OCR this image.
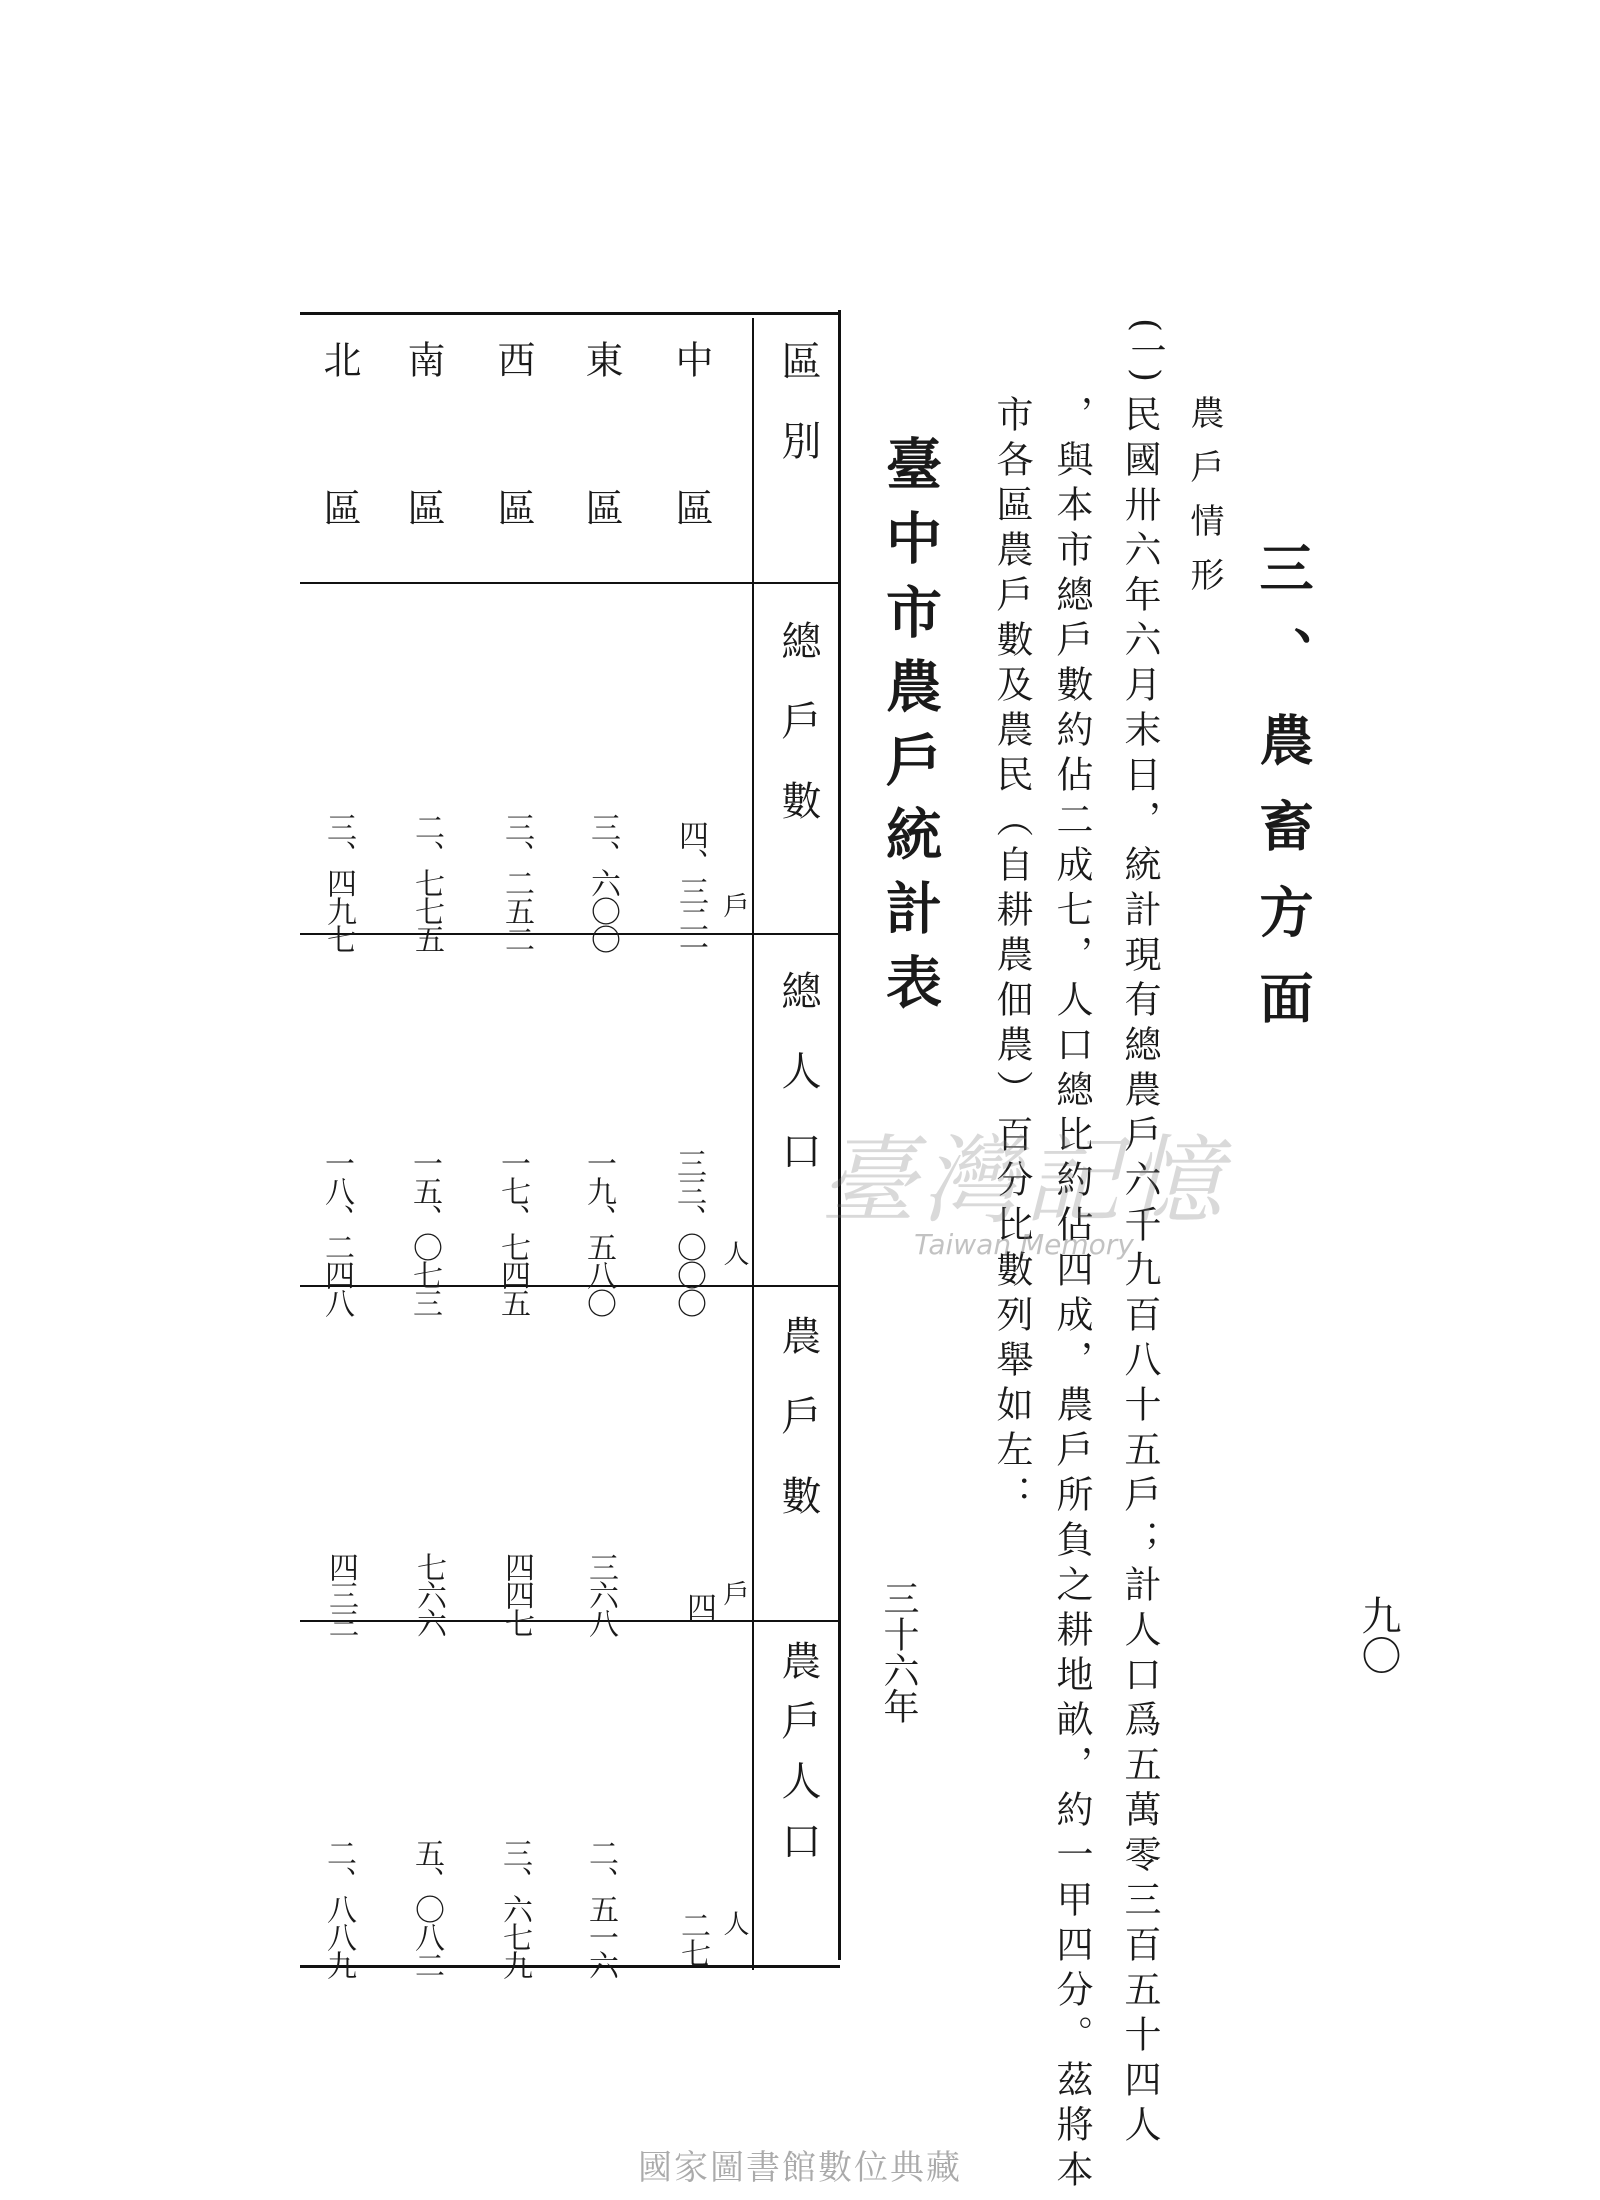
九〇
三、農畜方面
(一)
農戶情形
民國卅六年六月末日，統計現有總農戶六千九百八十五戶；計人口爲五萬零三百五十四人
，與本市總戶數約佔二成七，人口總比約佔四成，農戶所負之耕地畝，約一甲四分。茲將本
市各區農戶數及農民（自耕農佃農）百分比數列舉如左：
臺中市農戶統計表
三十六年
區別
總戶數
總人口
農戶數
農戶人口
戶
人
戶
人
中區
四、三二一
三三、〇〇〇
四
二七
東區
三、六〇〇
一九、五八〇
三六八
二、五一六
西區
三、二五二
一七、七四五
四四七
三、六七九
南區
二、七七五
一五、〇七三
七六六
五、〇八二
北區
三、四九七
一八、二四八
四三三
二、八八九
臺灣記憶
Taiwan Memory
國家圖書館數位典藏
